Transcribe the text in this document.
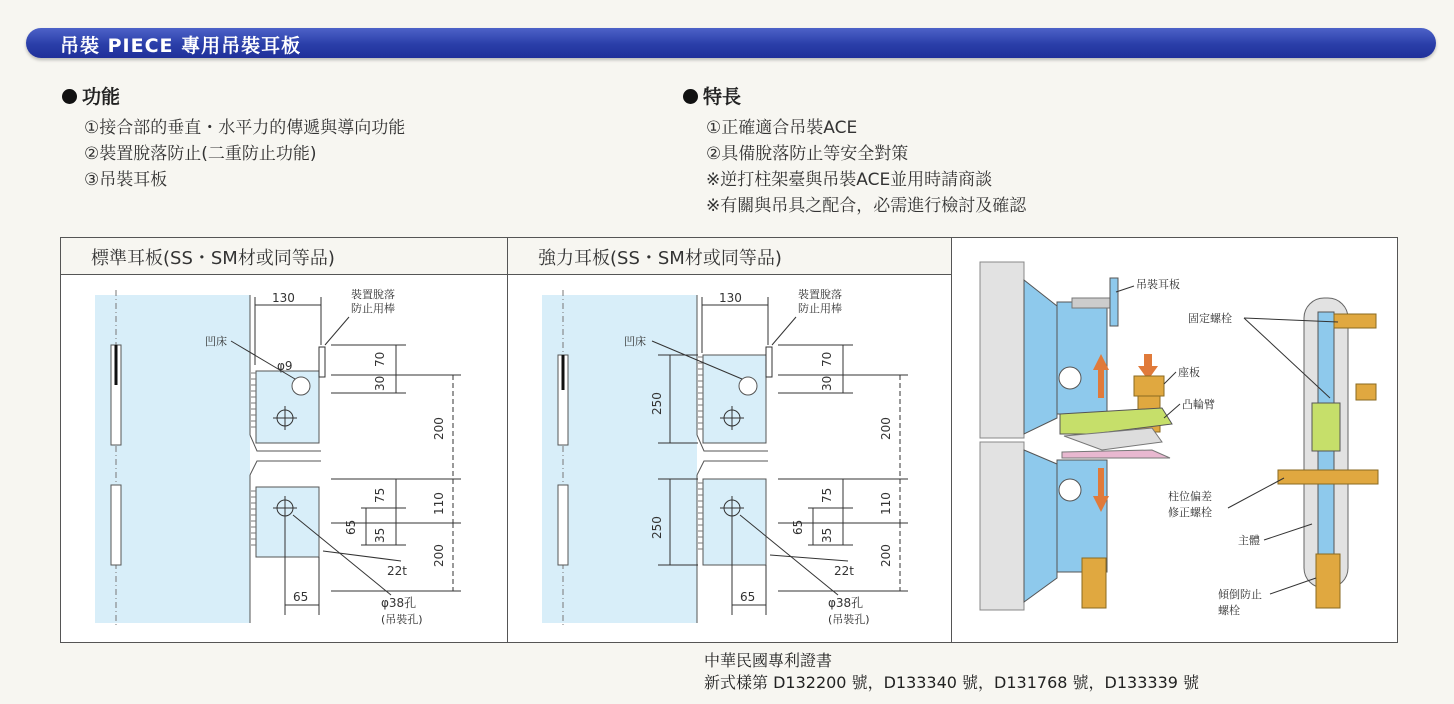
吊裝 PIECE 專用吊裝耳板
功能
①接合部的垂直・水平力的傳遞與導向功能
②裝置脫落防止(二重防止功能)
③吊裝耳板
特長
①正確適合吊裝ACE
②具備脫落防止等安全對策
※逆打柱架臺與吊裝ACE並用時請商談
※有關與吊具之配合，必需進行檢討及確認
標準耳板(SS・SM材或同等品)
130
φ9
凹床
裝置脫落
防止用棒
70
30
200
75	110
65
35
200
65
22t
φ38孔
(吊裝孔)
強力耳板(SS・SM材或同等品)
130
凹床
裝置脫落
防止用棒
250
250
70
30
200
75	110
65
35
200
65
22t
φ38孔
(吊裝孔)
吊裝耳板
固定螺栓
座板
凸輪臂
柱位偏差
修正螺栓
主體
傾倒防止
螺栓
中華民國專利證書
新式樣第 D132200 號，D133340 號，D131768 號，D133339 號
